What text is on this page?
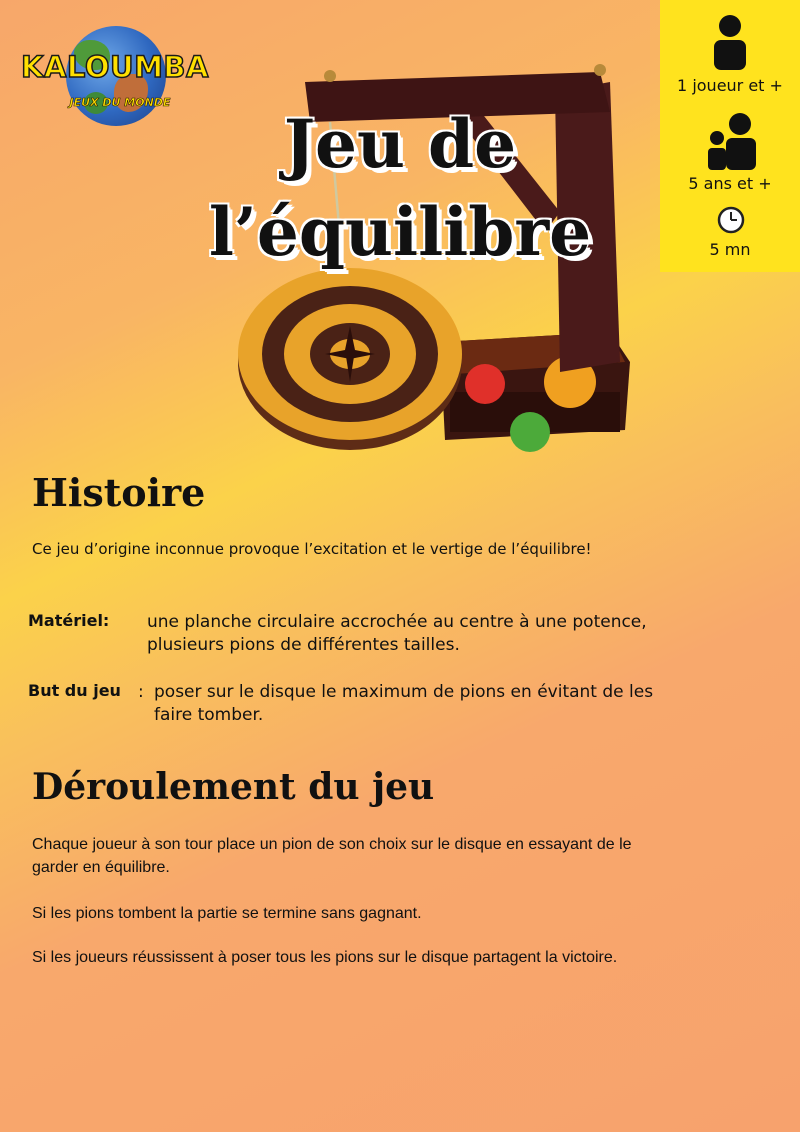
KALOUMBA
JEUX DU MONDE
1 joueur et +
5 ans et +
5 mn
Jeu de
l’équilibre
Histoire
Ce jeu d’origine inconnue provoque l’excitation et le vertige de l’équilibre!
Matériel: une planche circulaire accrochée au centre à une potence,
plusieurs pions de différentes tailles.
But du jeu : poser sur le disque le maximum de pions en évitant de les
faire tomber.
Déroulement du jeu
Chaque joueur à son tour place un pion de son choix sur le disque en essayant de le
garder en équilibre.
Si les pions tombent la partie se termine sans gagnant.
Si les joueurs réussissent à poser tous les pions sur le disque partagent la victoire.
